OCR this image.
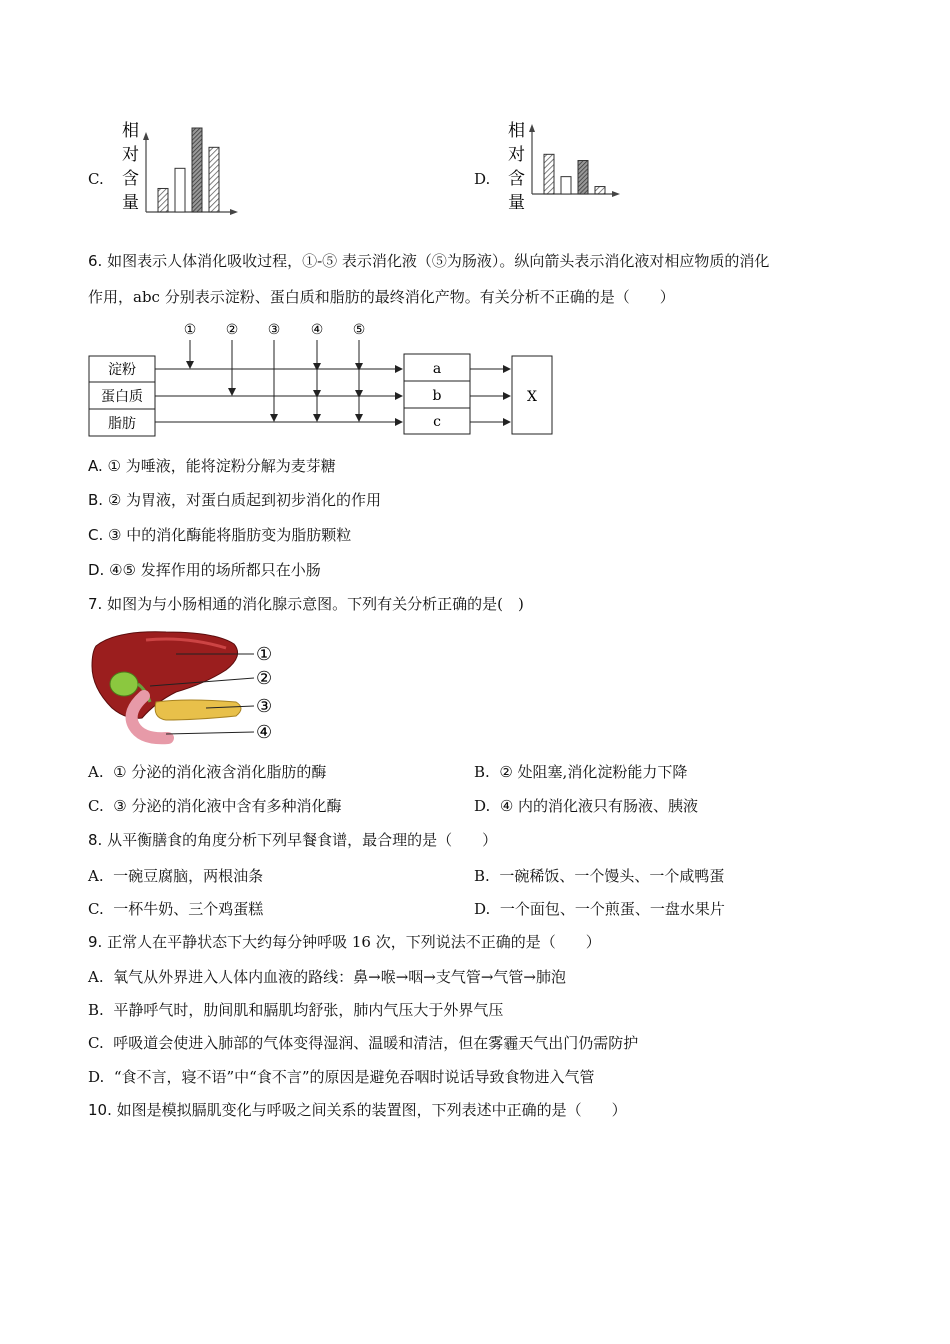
C.
相
对
含
量
D.
相
对
含
量
6. 如图表示人体消化吸收过程，①-⑤ 表示消化液（⑤为肠液）。纵向箭头表示消化液对相应物质的消化
作用，abc 分别表示淀粉、蛋白质和脂肪的最终消化产物。有关分析不正确的是（　　）
① ② ③ ④ ⑤
淀粉
蛋白质
脂肪
a
b
c
X
A. ① 为唾液，能将淀粉分解为麦芽糖
B. ② 为胃液，对蛋白质起到初步消化的作用
C. ③ 中的消化酶能将脂肪变为脂肪颗粒
D. ④⑤ 发挥作用的场所都只在小肠
7. 如图为与小肠相通的消化腺示意图。下列有关分析正确的是(　)
①
②
③
④
A. ① 分泌的消化液含消化脂肪的酶	B. ② 处阻塞,消化淀粉能力下降
C. ③ 分泌的消化液中含有多种消化酶	D. ④ 内的消化液只有肠液、胰液
8. 从平衡膳食的角度分析下列早餐食谱，最合理的是（　　）
A. 一碗豆腐脑，两根油条	B. 一碗稀饭、一个馒头、一个咸鸭蛋
C. 一杯牛奶、三个鸡蛋糕	D. 一个面包、一个煎蛋、一盘水果片
9. 正常人在平静状态下大约每分钟呼吸 16 次，下列说法不正确的是（　　）
A. 氧气从外界进入人体内血液的路线：鼻→喉→咽→支气管→气管→肺泡
B. 平静呼气时，肋间肌和膈肌均舒张，肺内气压大于外界气压
C. 呼吸道会使进入肺部的气体变得湿润、温暖和清洁，但在雾霾天气出门仍需防护
D. “食不言，寝不语”中“食不言”的原因是避免吞咽时说话导致食物进入气管
10. 如图是模拟膈肌变化与呼吸之间关系的装置图，下列表述中正确的是（　　）
